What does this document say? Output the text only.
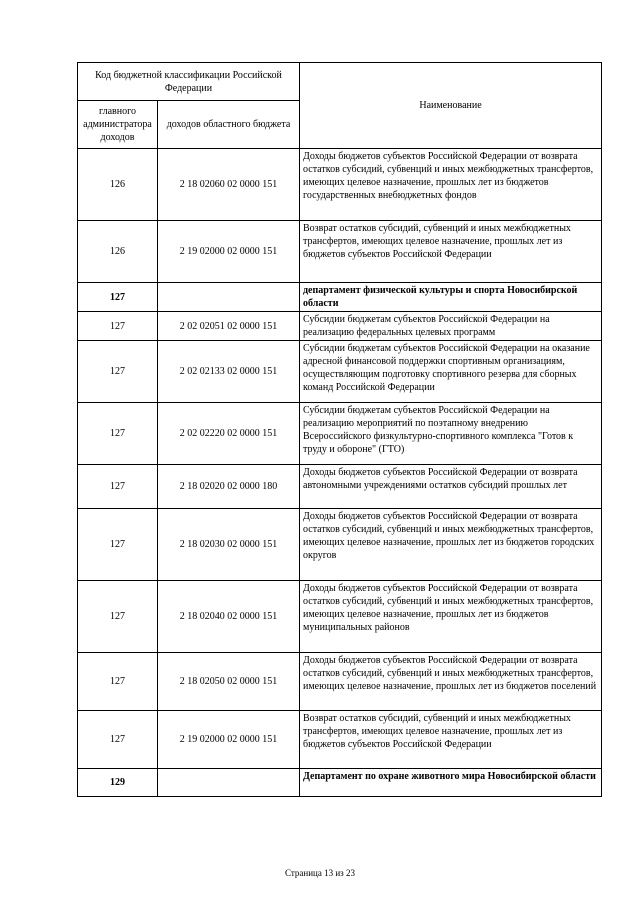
Код бюджетной классификации Российской Федерации		Наименование
главного администратора доходов	доходов областного бюджета	
126	2 18 02060 02 0000 151	Доходы бюджетов субъектов Российской Федерации от возврата остатков субсидий, субвенций и иных межбюджетных трансфертов, имеющих целевое назначение, прошлых лет из бюджетов государственных внебюджетных фондов
126	2 19 02000 02 0000 151	Возврат остатков субсидий, субвенций и иных межбюджетных трансфертов, имеющих целевое назначение, прошлых лет из бюджетов субъектов Российской Федерации
127		департамент физической культуры и спорта Новосибирской области
127	2 02 02051 02 0000 151	Субсидии бюджетам субъектов Российской Федерации на реализацию федеральных целевых программ
127	2 02 02133 02 0000 151	Субсидии бюджетам субъектов Российской Федерации на оказание адресной финансовой поддержки спортивным организациям, осуществляющим подготовку спортивного резерва для сборных команд Российской Федерации
127	2 02 02220 02 0000 151	Субсидии бюджетам субъектов Российской Федерации на реализацию мероприятий по поэтапному внедрению Всероссийского физкультурно-спортивного комплекса "Готов к труду и обороне" (ГТО)
127	2 18 02020 02 0000 180	Доходы бюджетов субъектов Российской Федерации от возврата автономными учреждениями остатков субсидий прошлых лет
127	2 18 02030 02 0000 151	Доходы бюджетов субъектов Российской Федерации от возврата остатков субсидий, субвенций и иных межбюджетных трансфертов, имеющих целевое назначение, прошлых лет из бюджетов городских округов
127	2 18 02040 02 0000 151	Доходы бюджетов субъектов Российской Федерации от возврата остатков субсидий, субвенций и иных межбюджетных трансфертов, имеющих целевое назначение, прошлых лет из бюджетов муниципальных районов
127	2 18 02050 02 0000 151	Доходы бюджетов субъектов Российской Федерации от возврата остатков субсидий, субвенций и иных межбюджетных трансфертов, имеющих целевое назначение, прошлых лет из бюджетов поселений
127	2 19 02000 02 0000 151	Возврат остатков субсидий, субвенций и иных межбюджетных трансфертов, имеющих целевое назначение, прошлых лет из бюджетов субъектов Российской Федерации
129		Департамент по охране животного мира Новосибирской области
Страница 13 из 23
